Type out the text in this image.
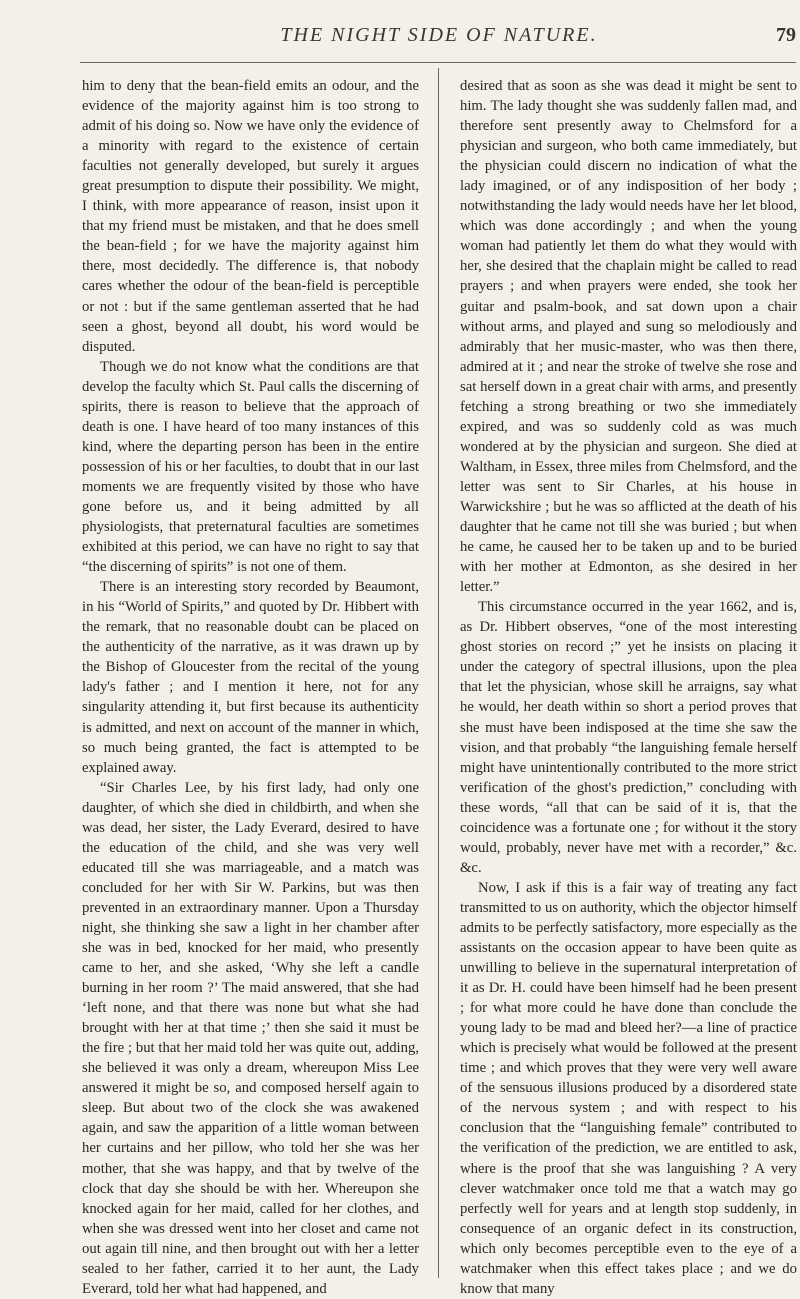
THE NIGHT SIDE OF NATURE.	79

him to deny that the bean-field emits an odour, and the evidence of the majority against him is too strong to admit of his doing so. Now we have only the evidence of a minority with regard to the existence of certain faculties not generally developed, but surely it argues great presumption to dispute their possibility. We might, I think, with more appearance of reason, insist upon it that my friend must be mistaken, and that he does smell the bean-field ; for we have the majority against him there, most decidedly. The difference is, that nobody cares whether the odour of the bean-field is perceptible or not : but if the same gentleman asserted that he had seen a ghost, beyond all doubt, his word would be disputed.

Though we do not know what the conditions are that develop the faculty which St. Paul calls the discerning of spirits, there is reason to believe that the approach of death is one. I have heard of too many instances of this kind, where the departing person has been in the entire possession of his or her faculties, to doubt that in our last moments we are frequently visited by those who have gone before us, and it being admitted by all physiologists, that preternatural faculties are sometimes exhibited at this period, we can have no right to say that “the discerning of spirits” is not one of them.

There is an interesting story recorded by Beaumont, in his “World of Spirits,” and quoted by Dr. Hibbert with the remark, that no reasonable doubt can be placed on the authenticity of the narrative, as it was drawn up by the Bishop of Gloucester from the recital of the young lady's father ; and I mention it here, not for any singularity attending it, but first because its authenticity is admitted, and next on account of the manner in which, so much being granted, the fact is attempted to be explained away.

“Sir Charles Lee, by his first lady, had only one daughter, of which she died in childbirth, and when she was dead, her sister, the Lady Everard, desired to have the education of the child, and she was very well educated till she was marriageable, and a match was concluded for her with Sir W. Parkins, but was then prevented in an extraordinary manner. Upon a Thursday night, she thinking she saw a light in her chamber after she was in bed, knocked for her maid, who presently came to her, and she asked, ‘Why she left a candle burning in her room ?’ The maid answered, that she had ‘left none, and that there was none but what she had brought with her at that time ;’ then she said it must be the fire ; but that her maid told her was quite out, adding, she believed it was only a dream, whereupon Miss Lee answered it might be so, and composed herself again to sleep. But about two of the clock she was awakened again, and saw the apparition of a little woman between her curtains and her pillow, who told her she was her mother, that she was happy, and that by twelve of the clock that day she should be with her. Whereupon she knocked again for her maid, called for her clothes, and when she was dressed went into her closet and came not out again till nine, and then brought out with her a letter sealed to her father, carried it to her aunt, the Lady Everard, told her what had happened, and

desired that as soon as she was dead it might be sent to him. The lady thought she was suddenly fallen mad, and therefore sent presently away to Chelmsford for a physician and surgeon, who both came immediately, but the physician could discern no indication of what the lady imagined, or of any indisposition of her body ; notwithstanding the lady would needs have her let blood, which was done accordingly ; and when the young woman had patiently let them do what they would with her, she desired that the chaplain might be called to read prayers ; and when prayers were ended, she took her guitar and psalm-book, and sat down upon a chair without arms, and played and sung so melodiously and admirably that her music-master, who was then there, admired at it ; and near the stroke of twelve she rose and sat herself down in a great chair with arms, and presently fetching a strong breathing or two she immediately expired, and was so suddenly cold as was much wondered at by the physician and surgeon. She died at Waltham, in Essex, three miles from Chelmsford, and the letter was sent to Sir Charles, at his house in Warwickshire ; but he was so afflicted at the death of his daughter that he came not till she was buried ; but when he came, he caused her to be taken up and to be buried with her mother at Edmonton, as she desired in her letter.”

This circumstance occurred in the year 1662, and is, as Dr. Hibbert observes, “one of the most interesting ghost stories on record ;” yet he insists on placing it under the category of spectral illusions, upon the plea that let the physician, whose skill he arraigns, say what he would, her death within so short a period proves that she must have been indisposed at the time she saw the vision, and that probably “the languishing female herself might have unintentionally contributed to the more strict verification of the ghost's prediction,” concluding with these words, “all that can be said of it is, that the coincidence was a fortunate one ; for without it the story would, probably, never have met with a recorder,” &c. &c.

Now, I ask if this is a fair way of treating any fact transmitted to us on authority, which the objector himself admits to be perfectly satisfactory, more especially as the assistants on the occasion appear to have been quite as unwilling to believe in the supernatural interpretation of it as Dr. H. could have been himself had he been present ; for what more could he have done than conclude the young lady to be mad and bleed her?—a line of practice which is precisely what would be followed at the present time ; and which proves that they were very well aware of the sensuous illusions produced by a disordered state of the nervous system ; and with respect to his conclusion that the “languishing female” contributed to the verification of the prediction, we are entitled to ask, where is the proof that she was languishing ? A very clever watchmaker once told me that a watch may go perfectly well for years and at length stop suddenly, in consequence of an organic defect in its construction, which only becomes perceptible even to the eye of a watchmaker when this effect takes place ; and we do know that many
